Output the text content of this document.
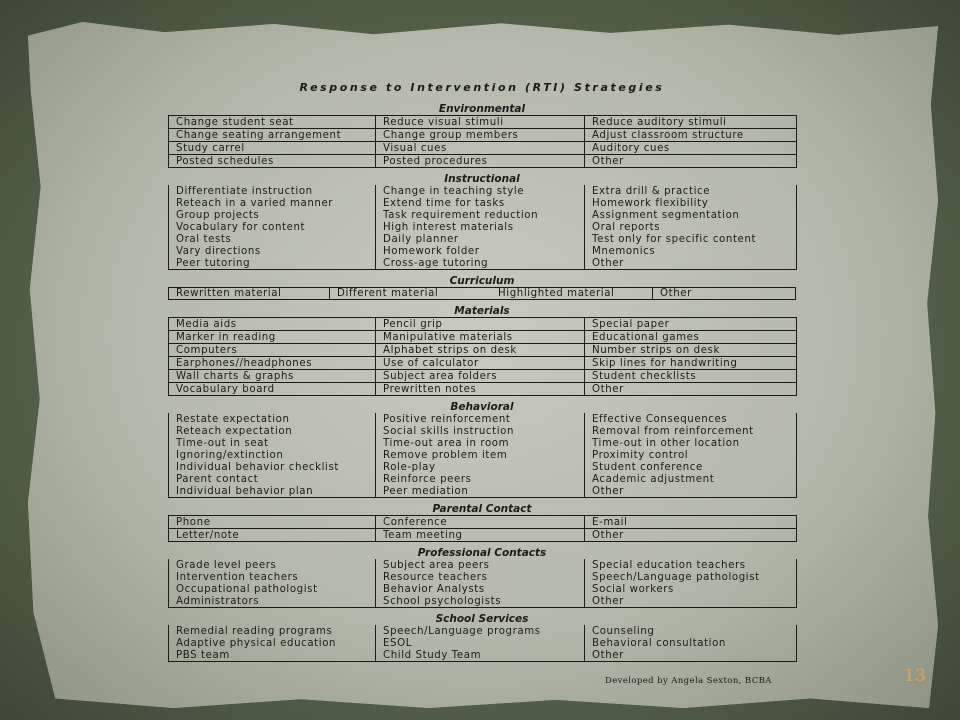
Response to Intervention (RTI) Strategies
Environmental
Change student seat	Reduce visual stimuli	Reduce auditory stimuli
Change seating arrangement	Change group members	Adjust classroom structure
Study carrel	Visual cues	Auditory cues
Posted schedules	Posted procedures	Other
Instructional
Differentiate instruction	Change in teaching style	Extra drill & practice
Reteach in a varied manner	Extend time for tasks	Homework flexibility
Group projects	Task requirement reduction	Assignment segmentation
Vocabulary for content	High interest materials	Oral reports
Oral tests	Daily planner	Test only for specific content
Vary directions	Homework folder	Mnemonics
Peer tutoring	Cross-age tutoring	Other
Curriculum
Rewritten material	Different material	Highlighted material	Other
Materials
Media aids	Pencil grip	Special paper
Marker in reading	Manipulative materials	Educational games
Computers	Alphabet strips on desk	Number strips on desk
Earphones//headphones	Use of calculator	Skip lines for handwriting
Wall charts & graphs	Subject area folders	Student checklists
Vocabulary board	Prewritten notes	Other
Behavioral
Restate expectation	Positive reinforcement	Effective Consequences
Reteach expectation	Social skills instruction	Removal from reinforcement
Time-out in seat	Time-out area in room	Time-out in other location
Ignoring/extinction	Remove problem item	Proximity control
Individual behavior checklist	Role-play	Student conference
Parent contact	Reinforce peers	Academic adjustment
Individual behavior plan	Peer mediation	Other
Parental Contact
Phone	Conference	E-mail
Letter/note	Team meeting	Other
Professional Contacts
Grade level peers	Subject area peers	Special education teachers
Intervention teachers	Resource teachers	Speech/Language pathologist
Occupational pathologist	Behavior Analysts	Social workers
Administrators	School psychologists	Other
School Services
Remedial reading programs	Speech/Language programs	Counseling
Adaptive physical education	ESOL	Behavioral consultation
PBS team	Child Study Team	Other
Developed by Angela Sexton, BCBA	13
